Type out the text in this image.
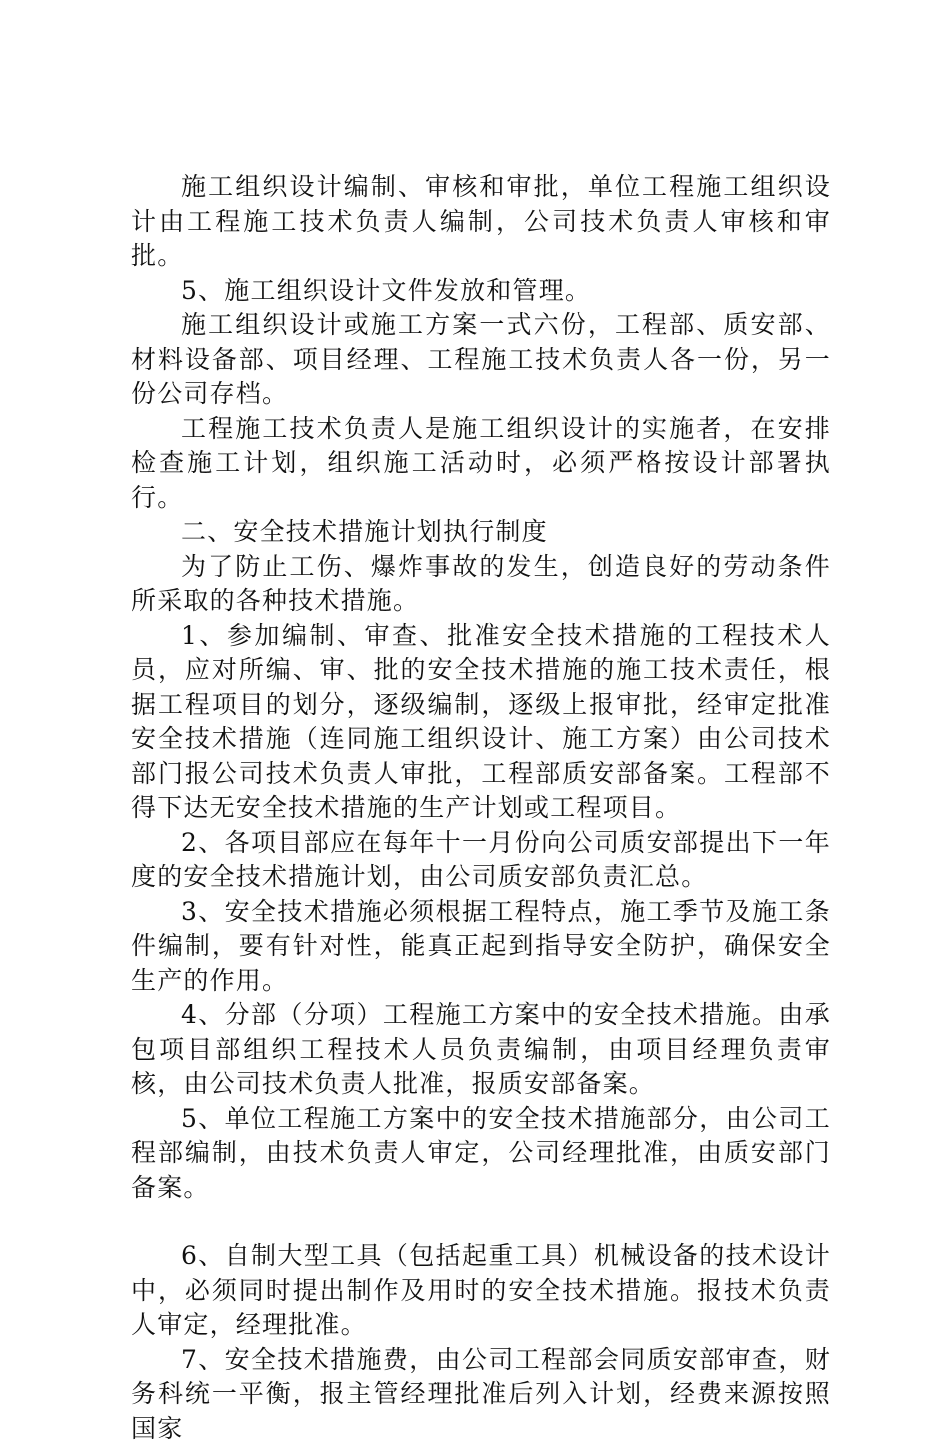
施工组织设计编制、审核和审批，单位工程施工组织设计由工程施工技术负责人编制，公司技术负责人审核和审批。

5、施工组织设计文件发放和管理。

施工组织设计或施工方案一式六份，工程部、质安部、材料设备部、项目经理、工程施工技术负责人各一份，另一份公司存档。

工程施工技术负责人是施工组织设计的实施者，在安排检查施工计划，组织施工活动时，必须严格按设计部署执行。

二、安全技术措施计划执行制度

为了防止工伤、爆炸事故的发生，创造良好的劳动条件所采取的各种技术措施。

1、参加编制、审查、批准安全技术措施的工程技术人员，应对所编、审、批的安全技术措施的施工技术责任，根据工程项目的划分，逐级编制，逐级上报审批，经审定批准安全技术措施（连同施工组织设计、施工方案）由公司技术部门报公司技术负责人审批，工程部质安部备案。工程部不得下达无安全技术措施的生产计划或工程项目。

2、各项目部应在每年十一月份向公司质安部提出下一年度的安全技术措施计划，由公司质安部负责汇总。

3、安全技术措施必须根据工程特点，施工季节及施工条件编制，要有针对性，能真正起到指导安全防护，确保安全生产的作用。

4、分部（分项）工程施工方案中的安全技术措施。由承包项目部组织工程技术人员负责编制，由项目经理负责审核，由公司技术负责人批准，报质安部备案。

5、单位工程施工方案中的安全技术措施部分，由公司工程部编制，由技术负责人审定，公司经理批准，由质安部门备案。

6、自制大型工具（包括起重工具）机械设备的技术设计中，必须同时提出制作及用时的安全技术措施。报技术负责人审定，经理批准。

7、安全技术措施费，由公司工程部会同质安部审查，财务科统一平衡，报主管经理批准后列入计划，经费来源按照国家
